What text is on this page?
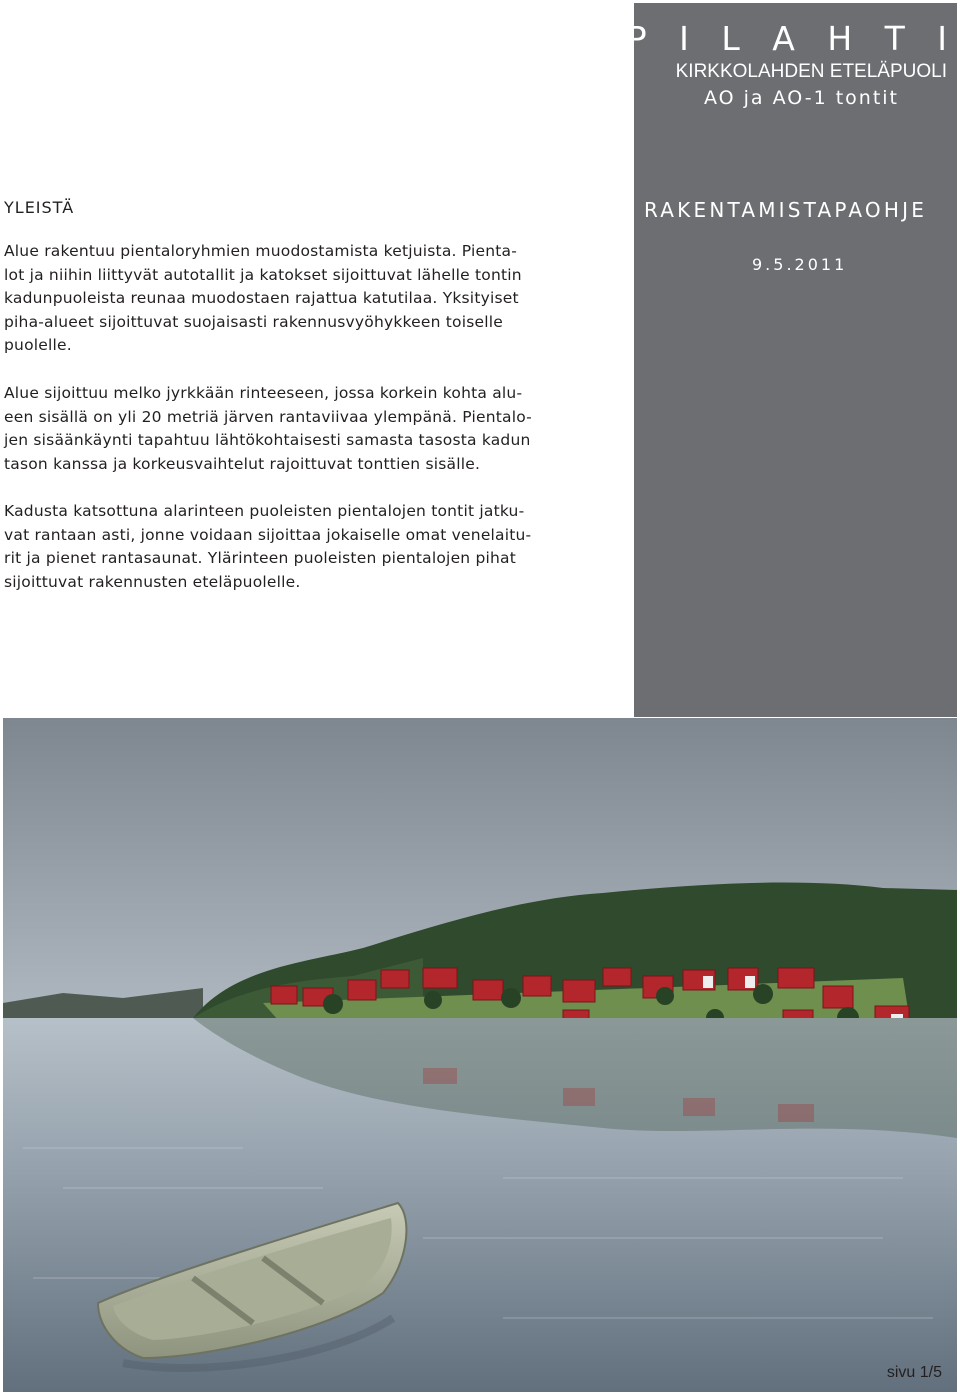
K O R P I L A H T I
KIRKKOLAHDEN ETELÄPUOLI
AO ja AO-1 tontit
RAKENTAMISTAPAOHJE
9.5.2011
YLEISTÄ

Alue rakentuu pientaloryhmien muodostamista ketjuista. Pienta-
lot ja niihin liittyvät autotallit ja katokset sijoittuvat lähelle tontin
kadunpuoleista reunaa muodostaen rajattua katutilaa. Yksityiset
piha-alueet sijoittuvat suojaisasti rakennusvyöhykkeen toiselle
puolelle.

Alue sijoittuu melko jyrkkään rinteeseen, jossa korkein kohta alu-
een sisällä on yli 20 metriä järven rantaviivaa ylempänä. Pientalo-
jen sisäänkäynti tapahtuu lähtökohtaisesti samasta tasosta kadun
tason kanssa ja korkeusvaihtelut rajoittuvat tonttien sisälle.

Kadusta katsottuna alarinteen puoleisten pientalojen tontit jatku-
vat rantaan asti, jonne voidaan sijoittaa jokaiselle omat venelaitu-
rit ja pienet rantasaunat. Ylärinteen puoleisten pientalojen pihat
sijoittuvat rakennusten eteläpuolelle.

sivu 1/5
